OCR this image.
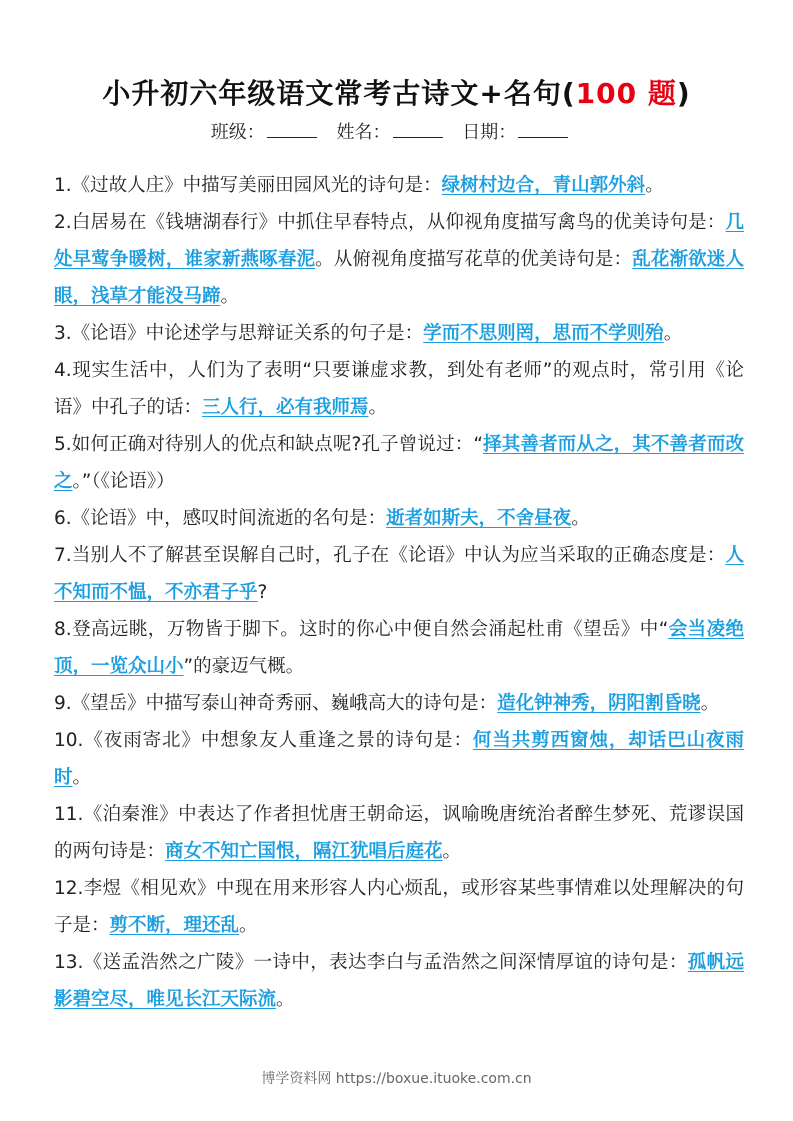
小升初六年级语文常考古诗文+名句(100 题)
班级：	姓名：	日期：

1.《过故人庄》中描写美丽田园风光的诗句是：绿树村边合，青山郭外斜。

2.白居易在《钱塘湖春行》中抓住早春特点，从仰视角度描写禽鸟的优美诗句是：几处早莺争暖树，谁家新燕啄春泥。从俯视角度描写花草的优美诗句是：乱花渐欲迷人眼，浅草才能没马蹄。

3.《论语》中论述学与思辩证关系的句子是：学而不思则罔，思而不学则殆。

4.现实生活中，人们为了表明“只要谦虚求教，到处有老师”的观点时，常引用《论语》中孔子的话：三人行，必有我师焉。

5.如何正确对待别人的优点和缺点呢?孔子曾说过：“择其善者而从之，其不善者而改之。”（《论语》）

6.《论语》中，感叹时间流逝的名句是：逝者如斯夫，不舍昼夜。

7.当别人不了解甚至误解自己时，孔子在《论语》中认为应当采取的正确态度是：人不知而不愠，不亦君子乎?

8.登高远眺，万物皆于脚下。这时的你心中便自然会涌起杜甫《望岳》中“会当凌绝顶，一览众山小”的豪迈气概。

9.《望岳》中描写泰山神奇秀丽、巍峨高大的诗句是：造化钟神秀，阴阳割昏晓。

10.《夜雨寄北》中想象友人重逢之景的诗句是：何当共剪西窗烛，却话巴山夜雨时。

11.《泊秦淮》中表达了作者担忧唐王朝命运，讽喻晚唐统治者醉生梦死、荒谬误国的两句诗是：商女不知亡国恨，隔江犹唱后庭花。

12.李煜《相见欢》中现在用来形容人内心烦乱，或形容某些事情难以处理解决的句子是：剪不断，理还乱。

13.《送孟浩然之广陵》一诗中，表达李白与孟浩然之间深情厚谊的诗句是：孤帆远影碧空尽，唯见长江天际流。

博学资料网 https://boxue.ituoke.com.cn
